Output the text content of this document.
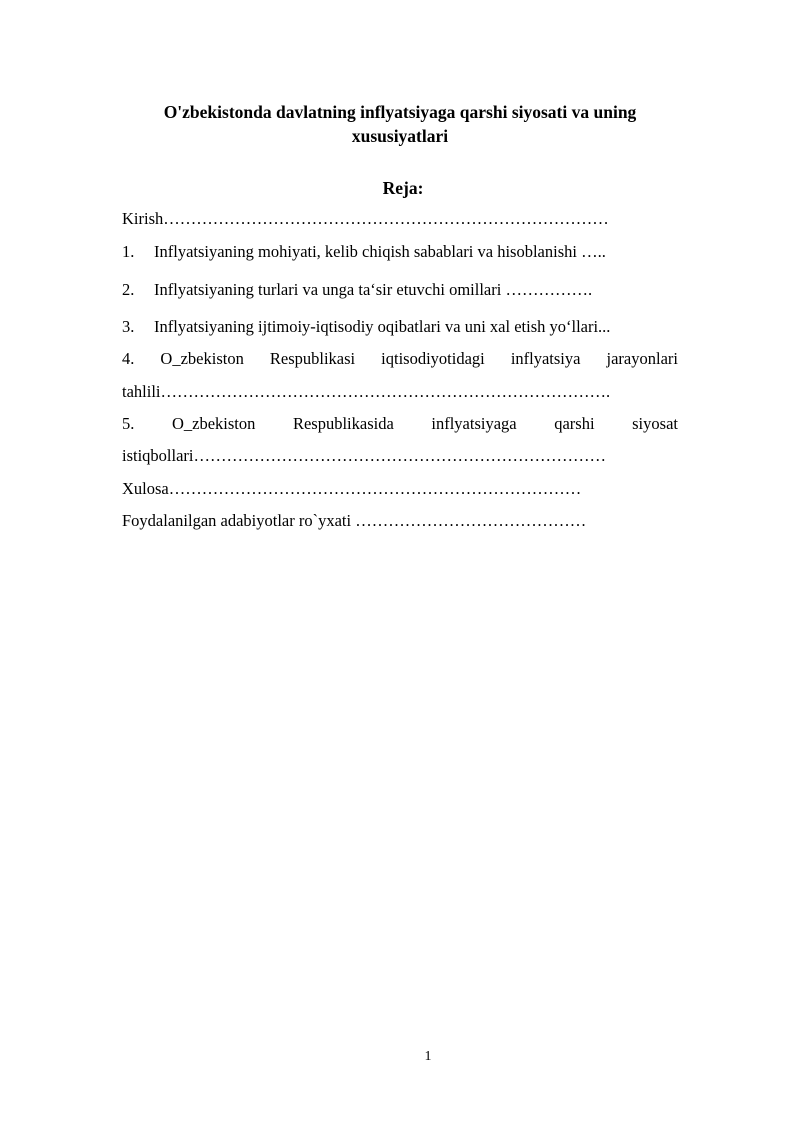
O'zbekistonda davlatning inflyatsiyaga qarshi siyosati va uning xususiyatlari
Reja:
Kirish………………………………………………………………………
1. Inflyatsiyaning mohiyati, kelib chiqish sabablari va hisoblanishi …..
2. Inflyatsiyaning turlari va unga ta‘sir etuvchi omillari …………….
3. Inflyatsiyaning ijtimoiy-iqtisodiy oqibatlari va uni xal etish yo‘llari...
4. O_zbekiston Respublikasi iqtisodiyotidagi inflyatsiya jarayonlari
tahlili……………………………………………………………………….
5. O_zbekiston Respublikasida inflyatsiyaga qarshi siyosat
istiqbollari…………………………………………………………………
Xulosa…………………………………………………………………
Foydalanilgan adabiyotlar ro`yxati ……………………………………
1
